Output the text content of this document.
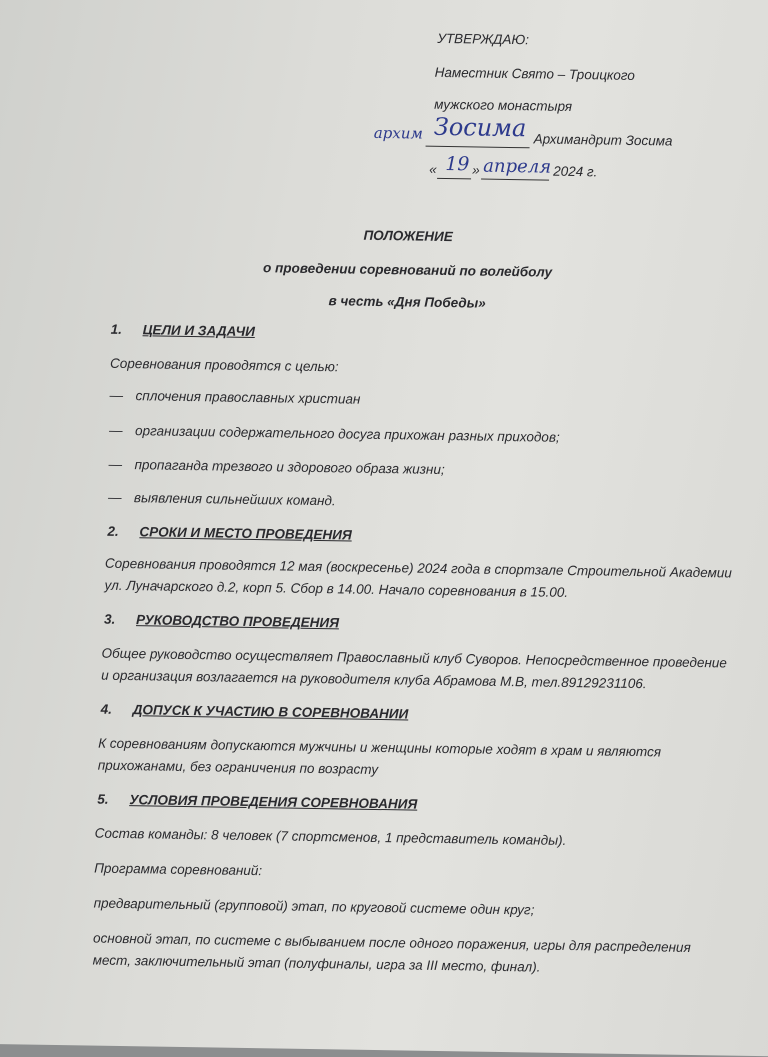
УТВЕРЖДАЮ:
Наместник Свято – Троицкого
мужского монастыря
архим Зосима Архимандрит Зосима
« 19 » апреля 2024 г.
ПОЛОЖЕНИЕ
о проведении соревнований по волейболу
в честь «Дня Победы»
1. ЦЕЛИ И ЗАДАЧИ
Соревнования проводятся с целью:
— сплочения православных христиан
— организации содержательного досуга прихожан разных приходов;
— пропаганда трезвого и здорового образа жизни;
— выявления сильнейших команд.
2. СРОКИ И МЕСТО ПРОВЕДЕНИЯ
Соревнования проводятся 12 мая (воскресенье) 2024 года в спортзале Строительной Академии
ул. Луначарского д.2, корп 5. Сбор в 14.00. Начало соревнования в 15.00.
3. РУКОВОДСТВО ПРОВЕДЕНИЯ
Общее руководство осуществляет Православный клуб Суворов. Непосредственное проведение
и организация возлагается на руководителя клуба Абрамова М.В, тел.89129231106.
4. ДОПУСК К УЧАСТИЮ В СОРЕВНОВАНИИ
К соревнованиям допускаются мужчины и женщины которые ходят в храм и являются
прихожанами, без ограничения по возрасту
5. УСЛОВИЯ ПРОВЕДЕНИЯ СОРЕВНОВАНИЯ
Состав команды: 8 человек (7 спортсменов, 1 представитель команды).
Программа соревнований:
предварительный (групповой) этап, по круговой системе один круг;
основной этап, по системе с выбыванием после одного поражения, игры для распределения
мест, заключительный этап (полуфиналы, игра за III место, финал).
